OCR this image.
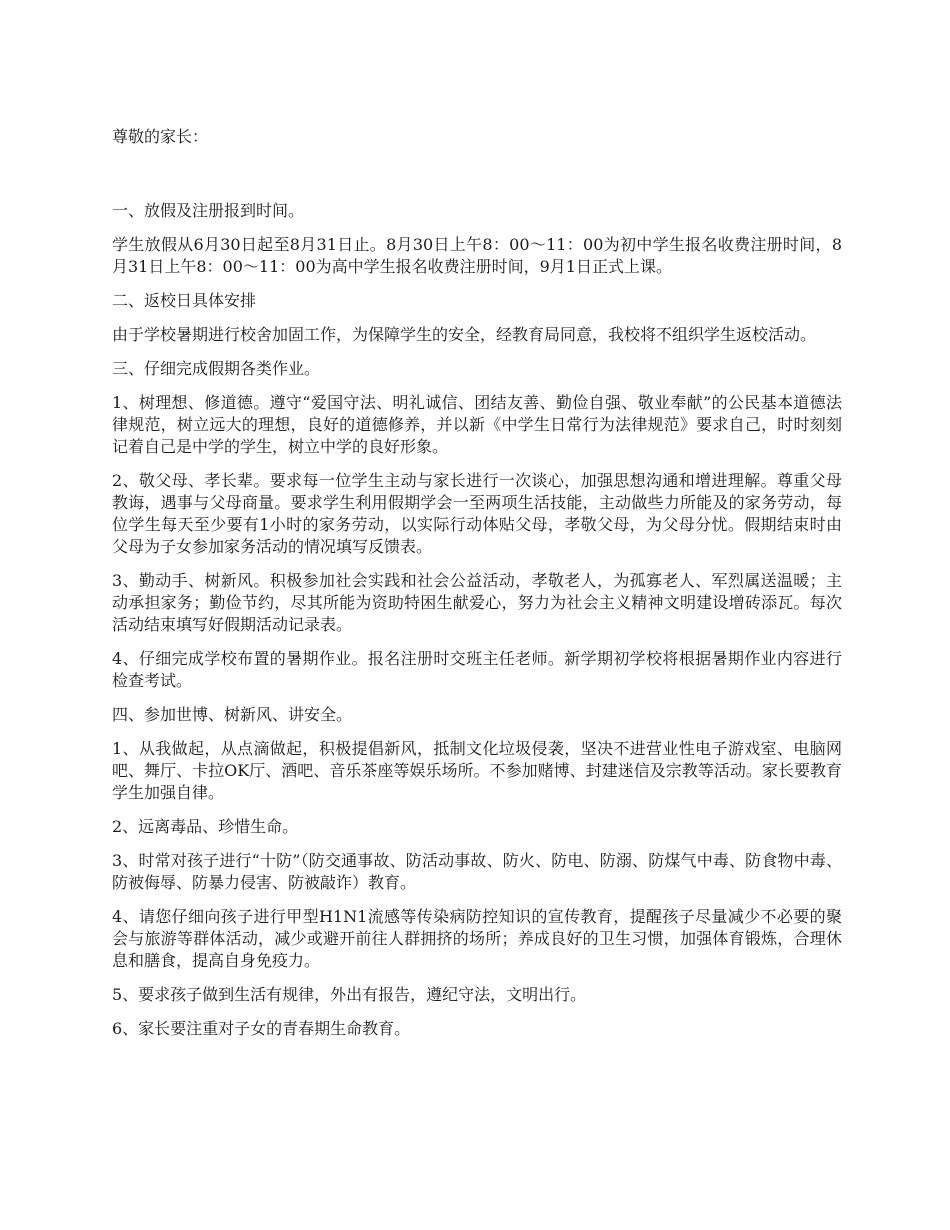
尊敬的家长：

一、放假及注册报到时间。

学生放假从6月30日起至8月31日止。8月30日上午8：00～11：00为初中学生报名收费注册时间，8月31日上午8：00～11：00为高中学生报名收费注册时间，9月1日正式上课。

二、返校日具体安排

由于学校暑期进行校舍加固工作，为保障学生的安全，经教育局同意，我校将不组织学生返校活动。

三、仔细完成假期各类作业。

1、树理想、修道德。遵守“爱国守法、明礼诚信、团结友善、勤俭自强、敬业奉献”的公民基本道德法律规范，树立远大的理想，良好的道德修养，并以新《中学生日常行为法律规范》要求自己，时时刻刻记着自己是中学的学生，树立中学的良好形象。

2、敬父母、孝长辈。要求每一位学生主动与家长进行一次谈心，加强思想沟通和增进理解。尊重父母教诲，遇事与父母商量。要求学生利用假期学会一至两项生活技能，主动做些力所能及的家务劳动，每位学生每天至少要有1小时的家务劳动，以实际行动体贴父母，孝敬父母，为父母分忧。假期结束时由父母为子女参加家务活动的情况填写反馈表。

3、勤动手、树新风。积极参加社会实践和社会公益活动，孝敬老人，为孤寡老人、军烈属送温暖；主动承担家务；勤俭节约，尽其所能为资助特困生献爱心，努力为社会主义精神文明建设增砖添瓦。每次活动结束填写好假期活动记录表。

4、仔细完成学校布置的暑期作业。报名注册时交班主任老师。新学期初学校将根据暑期作业内容进行检查考试。

四、参加世博、树新风、讲安全。

1、从我做起，从点滴做起，积极提倡新风，抵制文化垃圾侵袭，坚决不进营业性电子游戏室、电脑网吧、舞厅、卡拉OK厅、酒吧、音乐茶座等娱乐场所。不参加赌博、封建迷信及宗教等活动。家长要教育学生加强自律。

2、远离毒品、珍惜生命。

3、时常对孩子进行“十防”（防交通事故、防活动事故、防火、防电、防溺、防煤气中毒、防食物中毒、防被侮辱、防暴力侵害、防被敲诈）教育。

4、请您仔细向孩子进行甲型H1N1流感等传染病防控知识的宣传教育，提醒孩子尽量减少不必要的聚会与旅游等群体活动，减少或避开前往人群拥挤的场所；养成良好的卫生习惯，加强体育锻炼，合理休息和膳食，提高自身免疫力。

5、要求孩子做到生活有规律，外出有报告，遵纪守法，文明出行。

6、家长要注重对子女的青春期生命教育。
